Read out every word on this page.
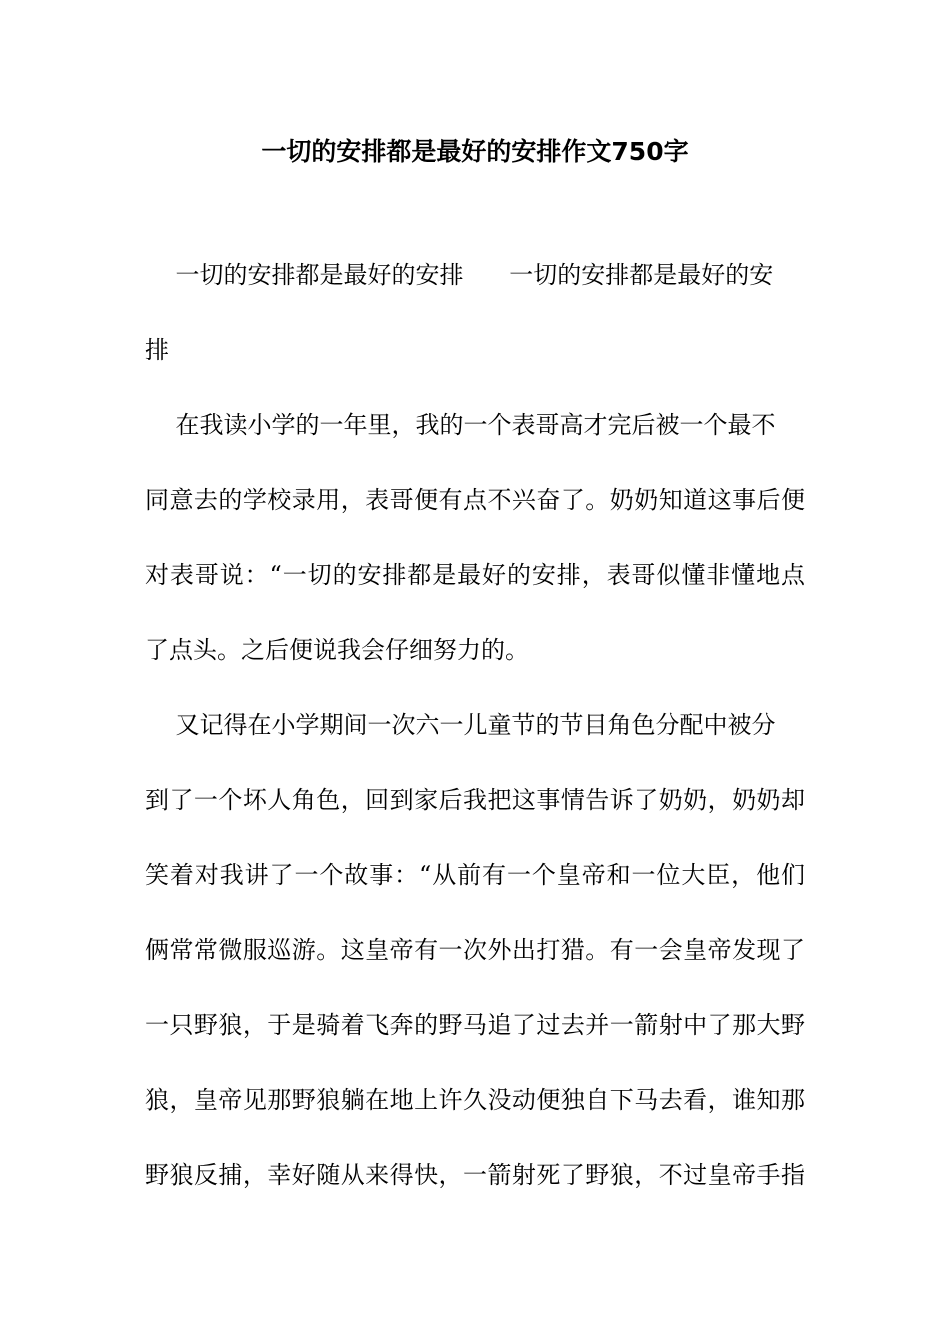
一切的安排都是最好的安排作文750字
一切的安排都是最好的安排      一切的安排都是最好的安
排
在我读小学的一年里，我的一个表哥高才完后被一个最不
同意去的学校录用，表哥便有点不兴奋了。奶奶知道这事后便
对表哥说：“一切的安排都是最好的安排，表哥似懂非懂地点
了点头。之后便说我会仔细努力的。
又记得在小学期间一次六一儿童节的节目角色分配中被分
到了一个坏人角色，回到家后我把这事情告诉了奶奶，奶奶却
笑着对我讲了一个故事：“从前有一个皇帝和一位大臣，他们
俩常常微服巡游。这皇帝有一次外出打猎。有一会皇帝发现了
一只野狼，于是骑着飞奔的野马追了过去并一箭射中了那大野
狼，皇帝见那野狼躺在地上许久没动便独自下马去看，谁知那
野狼反捕，幸好随从来得快，一箭射死了野狼，不过皇帝手指
